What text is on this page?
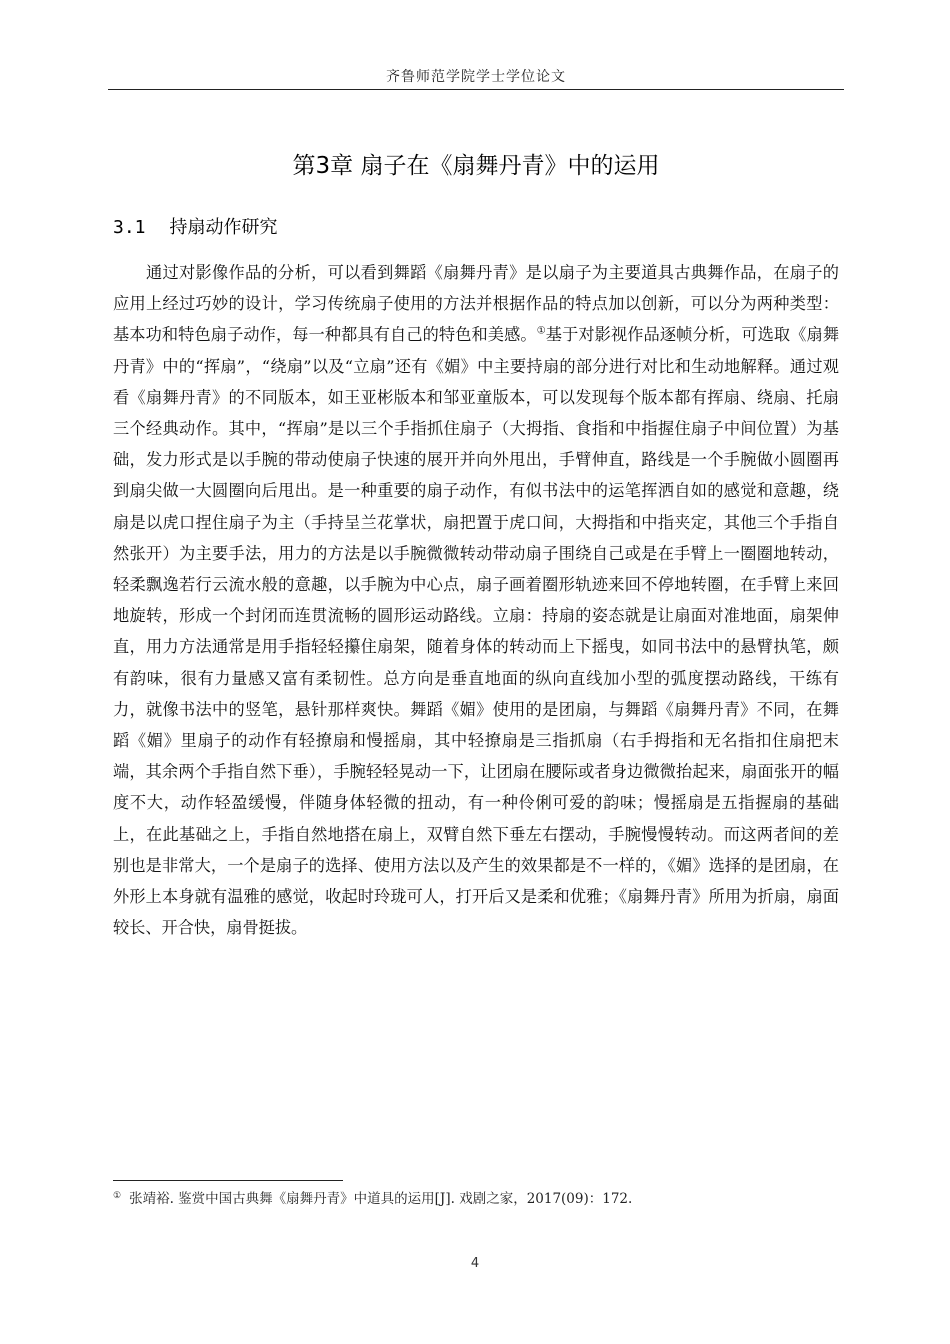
齐鲁师范学院学士学位论文
第3章 扇子在《扇舞丹青》中的运用
3.1 持扇动作研究

通过对影像作品的分析，可以看到舞蹈《扇舞丹青》是以扇子为主要道具古典舞作品，在扇子的应用上经过巧妙的设计，学习传统扇子使用的方法并根据作品的特点加以创新，可以分为两种类型：基本功和特色扇子动作，每一种都具有自己的特色和美感。①基于对影视作品逐帧分析，可选取《扇舞丹青》中的“挥扇”，“绕扇”以及“立扇”还有《媚》中主要持扇的部分进行对比和生动地解释。通过观看《扇舞丹青》的不同版本，如王亚彬版本和邹亚童版本，可以发现每个版本都有挥扇、绕扇、托扇三个经典动作。其中，“挥扇”是以三个手指抓住扇子（大拇指、食指和中指握住扇子中间位置）为基础，发力形式是以手腕的带动使扇子快速的展开并向外甩出，手臂伸直，路线是一个手腕做小圆圈再到扇尖做一大圆圈向后甩出。是一种重要的扇子动作，有似书法中的运笔挥洒自如的感觉和意趣，绕扇是以虎口捏住扇子为主（手持呈兰花掌状，扇把置于虎口间，大拇指和中指夹定，其他三个手指自然张开）为主要手法，用力的方法是以手腕微微转动带动扇子围绕自己或是在手臂上一圈圈地转动，轻柔飘逸若行云流水般的意趣，以手腕为中心点，扇子画着圈形轨迹来回不停地转圈，在手臂上来回地旋转，形成一个封闭而连贯流畅的圆形运动路线。立扇：持扇的姿态就是让扇面对准地面，扇架伸直，用力方法通常是用手指轻轻攥住扇架，随着身体的转动而上下摇曳，如同书法中的悬臂执笔，颇有韵味，很有力量感又富有柔韧性。总方向是垂直地面的纵向直线加小型的弧度摆动路线，干练有力，就像书法中的竖笔，悬针那样爽快。舞蹈《媚》使用的是团扇，与舞蹈《扇舞丹青》不同，在舞蹈《媚》里扇子的动作有轻撩扇和慢摇扇，其中轻撩扇是三指抓扇（右手拇指和无名指扣住扇把末端，其余两个手指自然下垂），手腕轻轻晃动一下，让团扇在腰际或者身边微微抬起来，扇面张开的幅度不大，动作轻盈缓慢，伴随身体轻微的扭动，有一种伶俐可爱的韵味；慢摇扇是五指握扇的基础上，在此基础之上，手指自然地搭在扇上，双臂自然下垂左右摆动，手腕慢慢转动。而这两者间的差别也是非常大，一个是扇子的选择、使用方法以及产生的效果都是不一样的，《媚》选择的是团扇，在外形上本身就有温雅的感觉，收起时玲珑可人，打开后又是柔和优雅；《扇舞丹青》所用为折扇，扇面较长、开合快，扇骨挺拔。

① 张靖裕. 鉴赏中国古典舞《扇舞丹青》中道具的运用[J]. 戏剧之家，2017(09)：172.
4
